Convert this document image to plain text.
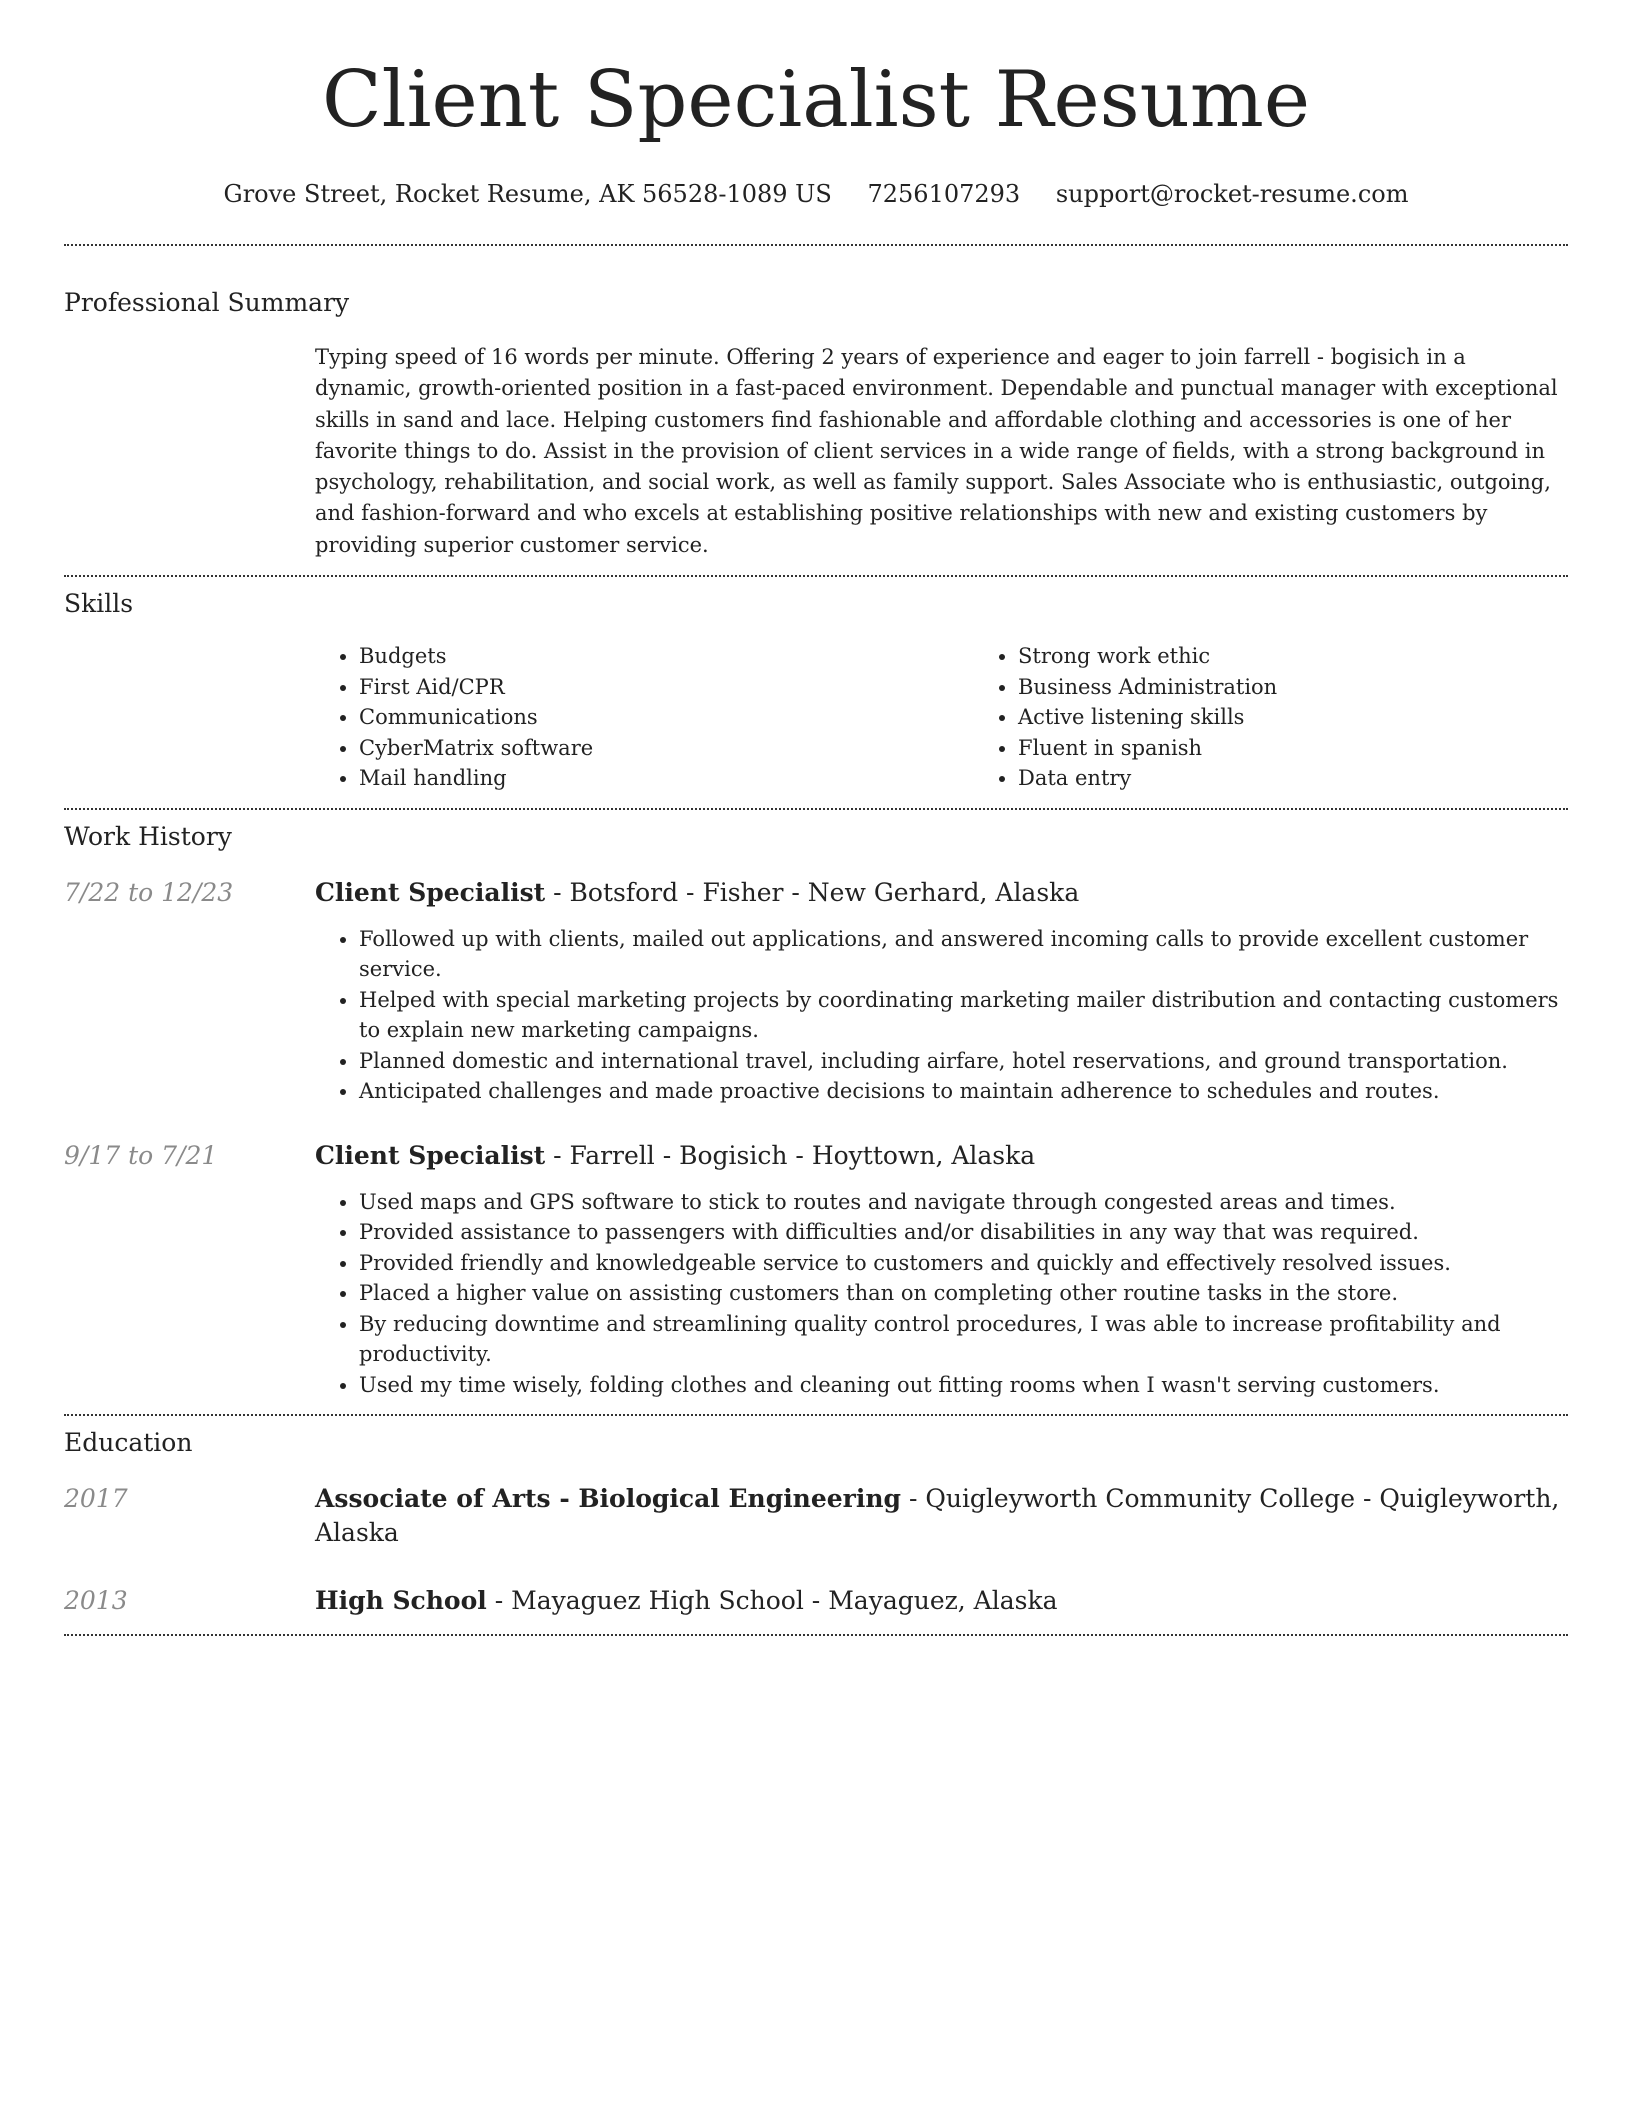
Client Specialist Resume
Grove Street, Rocket Resume, AK 56528-1089 US 7256107293 support@rocket-resume.com
Professional Summary

Typing speed of 16 words per minute. Offering 2 years of experience and eager to join farrell - bogisich in a dynamic, growth-oriented position in a fast-paced environment. Dependable and punctual manager with exceptional skills in sand and lace. Helping customers find fashionable and affordable clothing and accessories is one of her favorite things to do. Assist in the provision of client services in a wide range of fields, with a strong background in psychology, rehabilitation, and social work, as well as family support. Sales Associate who is enthusiastic, outgoing, and fashion-forward and who excels at establishing positive relationships with new and existing customers by providing superior customer service.

Skills
• Budgets
• First Aid/CPR
• Communications
• CyberMatrix software
• Mail handling
• Strong work ethic
• Business Administration
• Active listening skills
• Fluent in spanish
• Data entry
Work History
7/22 to 12/23	Client Specialist - Botsford - Fisher - New Gerhard, Alaska
• Followed up with clients, mailed out applications, and answered incoming calls to provide excellent customer service.
• Helped with special marketing projects by coordinating marketing mailer distribution and contacting customers to explain new marketing campaigns.
• Planned domestic and international travel, including airfare, hotel reservations, and ground transportation.
• Anticipated challenges and made proactive decisions to maintain adherence to schedules and routes.
9/17 to 7/21	Client Specialist - Farrell - Bogisich - Hoyttown, Alaska
• Used maps and GPS software to stick to routes and navigate through congested areas and times.
• Provided assistance to passengers with difficulties and/or disabilities in any way that was required.
• Provided friendly and knowledgeable service to customers and quickly and effectively resolved issues.
• Placed a higher value on assisting customers than on completing other routine tasks in the store.
• By reducing downtime and streamlining quality control procedures, I was able to increase profitability and productivity.
• Used my time wisely, folding clothes and cleaning out fitting rooms when I wasn't serving customers.
Education
2017	Associate of Arts - Biological Engineering - Quigleyworth Community College - Quigleyworth, Alaska
2013	High School - Mayaguez High School - Mayaguez, Alaska
